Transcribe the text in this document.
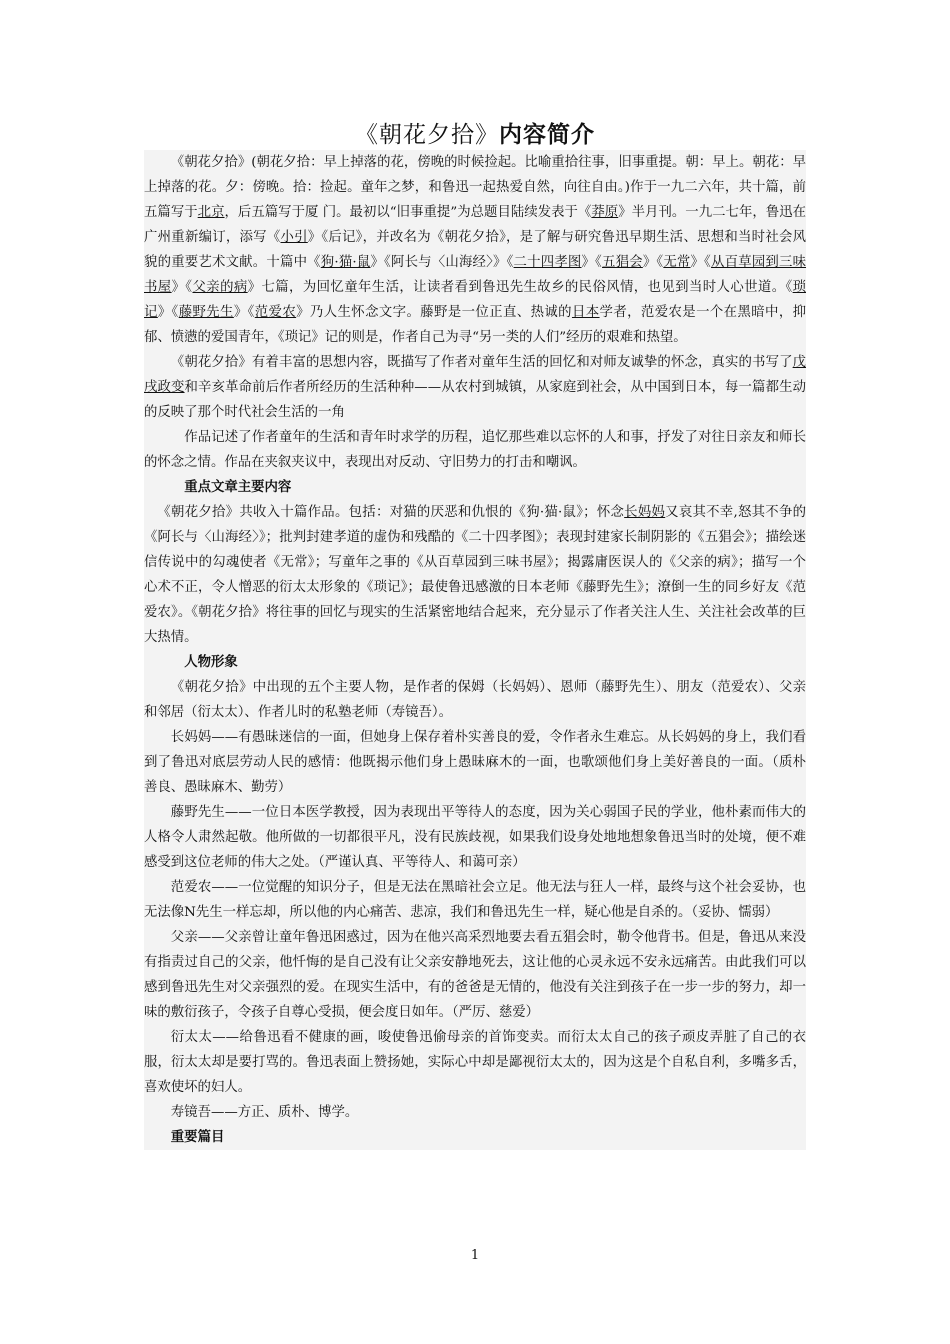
《朝花夕拾》内容简介

《朝花夕拾》(朝花夕拾：早上掉落的花，傍晚的时候捡起。比喻重拾往事，旧事重提。朝：早上。朝花：早上掉落的花。夕：傍晚。拾：捡起。童年之梦，和鲁迅一起热爱自然，向往自由。)作于一九二六年，共十篇，前五篇写于北京，后五篇写于厦 门。最初以“旧事重提”为总题目陆续发表于《莽原》半月刊。一九二七年，鲁迅在广州重新编订，添写《小引》《后记》，并改名为《朝花夕拾》，是了解与研究鲁迅早期生活、思想和当时社会风貌的重要艺术文献。十篇中《狗·猫·鼠》《阿长与〈山海经〉》《二十四孝图》《五猖会》《无常》《从百草园到三味书屋》《父亲的病》七篇，为回忆童年生活，让读者看到鲁迅先生故乡的民俗风情，也见到当时人心世道。《琐记》《藤野先生》《范爱农》乃人生怀念文字。藤野是一位正直、热诚的日本学者，范爱农是一个在黑暗中，抑郁、愤懑的爱国青年，《琐记》记的则是，作者自己为寻“另一类的人们”经历的艰难和热望。

《朝花夕拾》有着丰富的思想内容，既描写了作者对童年生活的回忆和对师友诚挚的怀念，真实的书写了戊戌政变和辛亥革命前后作者所经历的生活种种——从农村到城镇，从家庭到社会，从中国到日本，每一篇都生动的反映了那个时代社会生活的一角

作品记述了作者童年的生活和青年时求学的历程，追忆那些难以忘怀的人和事，抒发了对往日亲友和师长的怀念之情。作品在夹叙夹议中，表现出对反动、守旧势力的打击和嘲讽。

重点文章主要内容

《朝花夕拾》共收入十篇作品。包括：对猫的厌恶和仇恨的《狗·猫·鼠》；怀念长妈妈又哀其不幸,怒其不争的《阿长与〈山海经〉》；批判封建孝道的虚伪和残酷的《二十四孝图》；表现封建家长制阴影的《五猖会》；描绘迷信传说中的勾魂使者《无常》；写童年之事的《从百草园到三味书屋》；揭露庸医误人的《父亲的病》；描写一个心术不正，令人憎恶的衍太太形象的《琐记》；最使鲁迅感激的日本老师《藤野先生》；潦倒一生的同乡好友《范爱农》。《朝花夕拾》将往事的回忆与现实的生活紧密地结合起来，充分显示了作者关注人生、关注社会改革的巨大热情。

人物形象

《朝花夕拾》中出现的五个主要人物，是作者的保姆（长妈妈）、恩师（藤野先生）、朋友（范爱农）、父亲和邻居（衍太太）、作者儿时的私塾老师（寿镜吾）。

长妈妈——有愚昧迷信的一面，但她身上保存着朴实善良的爱，令作者永生难忘。从长妈妈的身上，我们看到了鲁迅对底层劳动人民的感情：他既揭示他们身上愚昧麻木的一面，也歌颂他们身上美好善良的一面。（质朴善良、愚昧麻木、勤劳）

藤野先生——一位日本医学教授，因为表现出平等待人的态度，因为关心弱国子民的学业，他朴素而伟大的人格令人肃然起敬。他所做的一切都很平凡，没有民族歧视，如果我们设身处地地想象鲁迅当时的处境，便不难感受到这位老师的伟大之处。（严谨认真、平等待人、和蔼可亲）

范爱农——一位觉醒的知识分子，但是无法在黑暗社会立足。他无法与狂人一样，最终与这个社会妥协，也无法像N先生一样忘却，所以他的内心痛苦、悲凉，我们和鲁迅先生一样，疑心他是自杀的。（妥协、懦弱）

父亲——父亲曾让童年鲁迅困惑过，因为在他兴高采烈地要去看五猖会时，勒令他背书。但是，鲁迅从来没有指责过自己的父亲，他忏悔的是自己没有让父亲安静地死去，这让他的心灵永远不安永远痛苦。由此我们可以感到鲁迅先生对父亲强烈的爱。在现实生活中，有的爸爸是无情的，他没有关注到孩子在一步一步的努力，却一味的敷衍孩子，令孩子自尊心受损，便会度日如年。（严厉、慈爱）

衍太太——给鲁迅看不健康的画，唆使鲁迅偷母亲的首饰变卖。而衍太太自己的孩子顽皮弄脏了自己的衣服，衍太太却是要打骂的。鲁迅表面上赞扬她，实际心中却是鄙视衍太太的，因为这是个自私自利，多嘴多舌，喜欢使坏的妇人。

寿镜吾——方正、质朴、博学。

重要篇目

1
